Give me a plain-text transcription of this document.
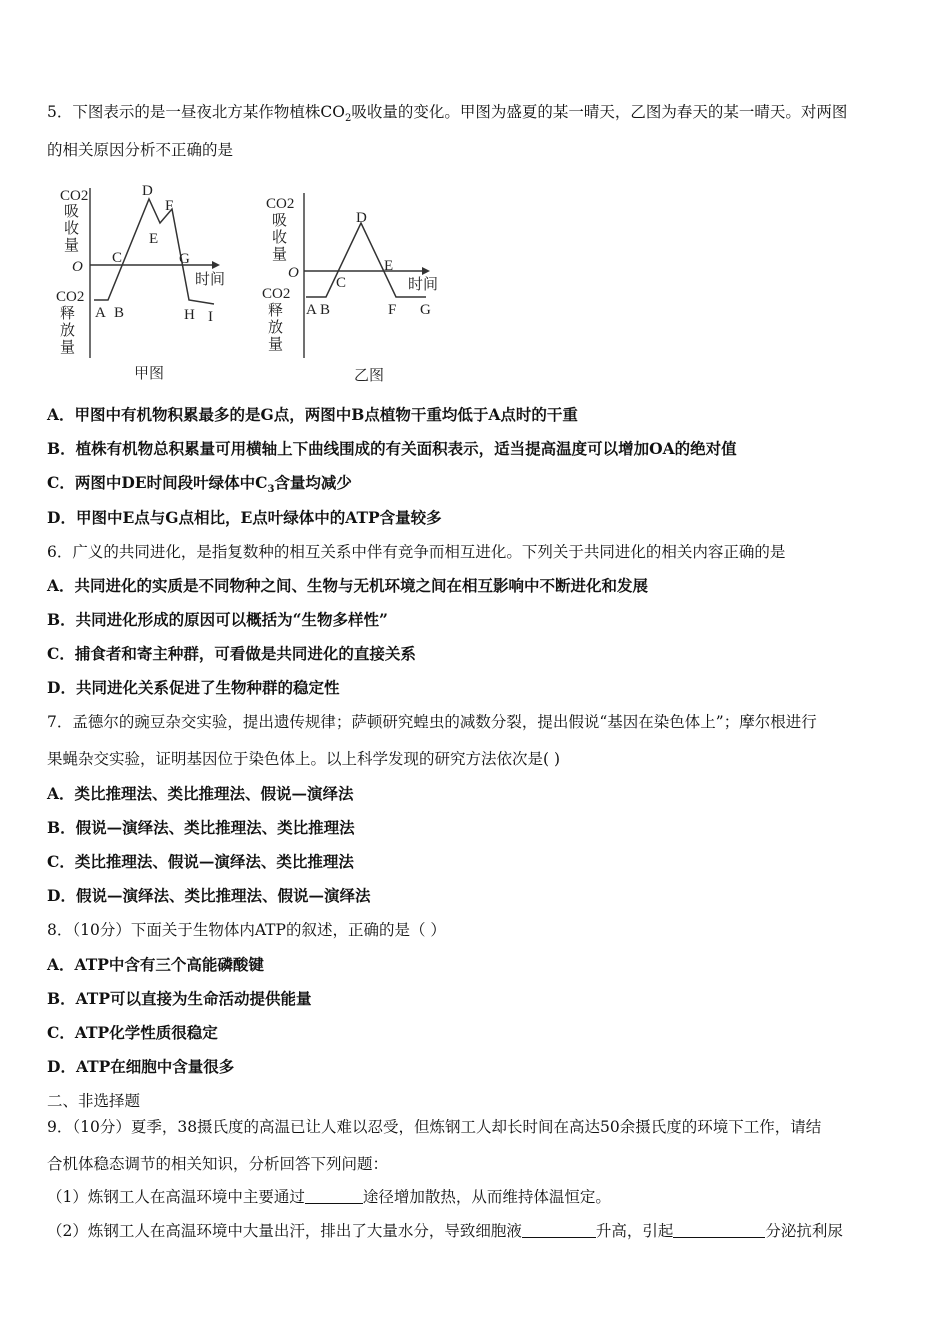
5．下图表示的是一昼夜北方某作物植株$CO_2$吸收量的变化。甲图为盛夏的某一晴天，乙图为春天的某一晴天。对两图
的相关原因分析不正确的是
CO2
吸
收
量
O
CO2
释
放
量
A B
C
D
E
F
G
H I
时间
甲图
CO2
吸
收
量
O
CO2
释
放
量
A B
C
D
E
F G
时间
乙图
A．甲图中有机物积累最多的是G点，两图中B点植物干重均低于A点时的干重
B．植株有机物总积累量可用横轴上下曲线围成的有关面积表示，适当提高温度可以增加OA的绝对值
C．两图中DE时间段叶绿体中$C_3$含量均减少
D．甲图中E点与G点相比，E点叶绿体中的ATP含量较多
6．广义的共同进化，是指复数种的相互关系中伴有竞争而相互进化。下列关于共同进化的相关内容正确的是
A．共同进化的实质是不同物种之间、生物与无机环境之间在相互影响中不断进化和发展
B．共同进化形成的原因可以概括为“生物多样性”
C．捕食者和寄主种群，可看做是共同进化的直接关系
D．共同进化关系促进了生物种群的稳定性
7．孟德尔的豌豆杂交实验，提出遗传规律；萨顿研究蝗虫的减数分裂，提出假说“基因在染色体上”；摩尔根进行
果蝇杂交实验，证明基因位于染色体上。以上科学发现的研究方法依次是( )
A．类比推理法、类比推理法、假说—演绎法
B．假说—演绎法、类比推理法、类比推理法
C．类比推理法、假说—演绎法、类比推理法
D．假说—演绎法、类比推理法、假说—演绎法
8．（10分）下面关于生物体内ATP的叙述，正确的是（ ）
A．ATP中含有三个高能磷酸键
B．ATP可以直接为生命活动提供能量
C．ATP化学性质很稳定
D．ATP在细胞中含量很多
二、非选择题
9．（10分）夏季，38摄氏度的高温已让人难以忍受，但炼钢工人却长时间在高达50余摄氏度的环境下工作，请结
合机体稳态调节的相关知识，分析回答下列问题：
（1）炼钢工人在高温环境中主要通过	途径增加散热，从而维持体温恒定。
（2）炼钢工人在高温环境中大量出汗，排出了大量水分，导致细胞液	升高，引起	分泌抗利尿
